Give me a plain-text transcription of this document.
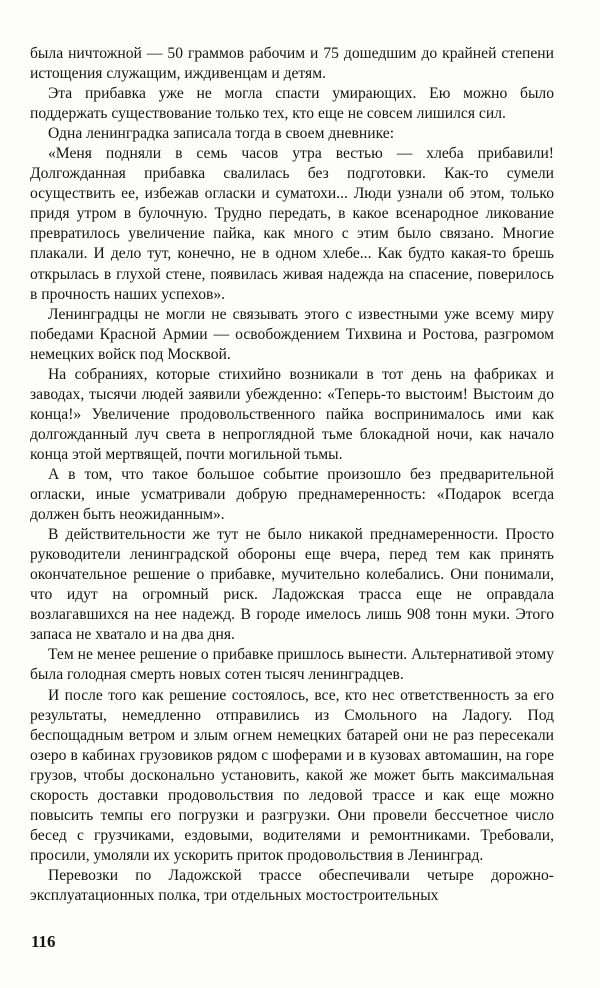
была ничтожной — 50 граммов рабочим и 75 дошедшим до крайней степени истощения служащим, иждивенцам и детям.

Эта прибавка уже не могла спасти умирающих. Ею можно было поддержать существование только тех, кто еще не совсем лишился сил.

Одна ленинградка записала тогда в своем дневнике:

«Меня подняли в семь часов утра вестью — хлеба прибавили! Долгожданная прибавка свалилась без подготовки. Как-то сумели осуществить ее, избежав огласки и суматохи... Люди узнали об этом, только придя утром в булочную. Трудно передать, в какое всенародное ликование превратилось увеличение пайка, как много с этим было связано. Многие плакали. И дело тут, конечно, не в одном хлебе... Как будто какая-то брешь открылась в глухой стене, появилась живая надежда на спасение, поверилось в прочность наших успехов».

Ленинградцы не могли не связывать этого с известными уже всему миру победами Красной Армии — освобождением Тихвина и Ростова, разгромом немецких войск под Москвой.

На собраниях, которые стихийно возникали в тот день на фабриках и заводах, тысячи людей заявили убежденно: «Теперь-то выстоим! Выстоим до конца!» Увеличение продовольственного пайка воспринималось ими как долгожданный луч света в непроглядной тьме блокадной ночи, как начало конца этой мертвящей, почти могильной тьмы.

А в том, что такое большое событие произошло без предварительной огласки, иные усматривали добрую преднамеренность: «Подарок всегда должен быть неожиданным».

В действительности же тут не было никакой преднамеренности. Просто руководители ленинградской обороны еще вчера, перед тем как принять окончательное решение о прибавке, мучительно колебались. Они понимали, что идут на огромный риск. Ладожская трасса еще не оправдала возлагавшихся на нее надежд. В городе имелось лишь 908 тонн муки. Этого запаса не хватало и на два дня.

Тем не менее решение о прибавке пришлось вынести. Альтернативой этому была голодная смерть новых сотен тысяч ленинградцев.

И после того как решение состоялось, все, кто нес ответственность за его результаты, немедленно отправились из Смольного на Ладогу. Под беспощадным ветром и злым огнем немецких батарей они не раз пересекали озеро в кабинах грузовиков рядом с шоферами и в кузовах автомашин, на горе грузов, чтобы досконально установить, какой же может быть максимальная скорость доставки продовольствия по ледовой трассе и как еще можно повысить темпы его погрузки и разгрузки. Они провели бессчетное число бесед с грузчиками, ездовыми, водителями и ремонтниками. Требовали, просили, умоляли их ускорить приток продовольствия в Ленинград.

Перевозки по Ладожской трассе обеспечивали четыре дорожно-эксплуатационных полка, три отдельных мостостроительных

116
